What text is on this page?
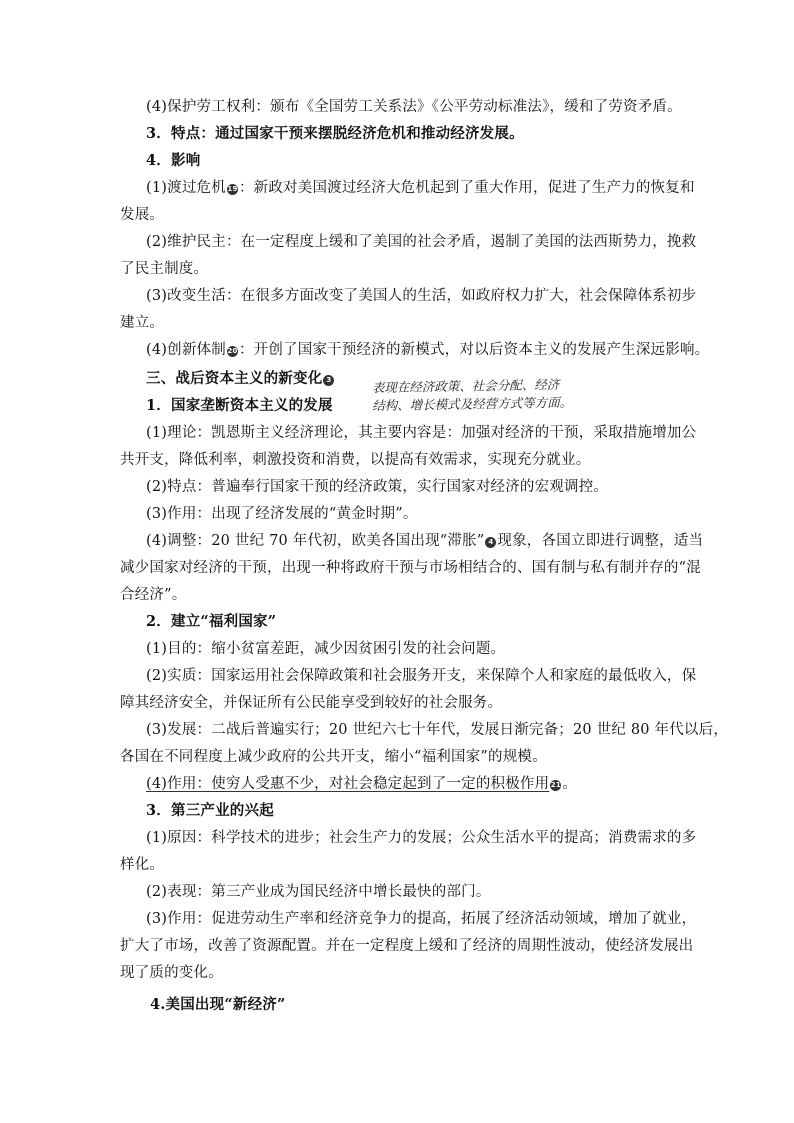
(4)保护劳工权利：颁布《全国劳工关系法》《公平劳动标准法》，缓和了劳资矛盾。
3．特点：通过国家干预来摆脱经济危机和推动经济发展。
4．影响
(1)渡过危机19：新政对美国渡过经济大危机起到了重大作用，促进了生产力的恢复和
发展。
(2)维护民主：在一定程度上缓和了美国的社会矛盾，遏制了美国的法西斯势力，挽救
了民主制度。
(3)改变生活：在很多方面改变了美国人的生活，如政府权力扩大，社会保障体系初步
建立。
(4)创新体制20：开创了国家干预经济的新模式，对以后资本主义的发展产生深远影响。
三、战后资本主义的新变化 3	表现在经济政策、社会分配、经济
结构、增长模式及经营方式等方面。
1．国家垄断资本主义的发展
(1)理论：凯恩斯主义经济理论，其主要内容是：加强对经济的干预，采取措施增加公
共开支，降低利率，刺激投资和消费，以提高有效需求，实现充分就业。
(2)特点：普遍奉行国家干预的经济政策，实行国家对经济的宏观调控。
(3)作用：出现了经济发展的“黄金时期”。
(4)调整：20 世纪 70 年代初，欧美各国出现“滞胀” 4 现象，各国立即进行调整，适当
减少国家对经济的干预，出现一种将政府干预与市场相结合的、国有制与私有制并存的“混
合经济”。
2．建立“福利国家”
(1)目的：缩小贫富差距，减少因贫困引发的社会问题。
(2)实质：国家运用社会保障政策和社会服务开支，来保障个人和家庭的最低收入，保
障其经济安全，并保证所有公民能享受到较好的社会服务。
(3)发展：二战后普遍实行；20 世纪六七十年代，发展日渐完备；20 世纪 80 年代以后，
各国在不同程度上减少政府的公共开支，缩小“福利国家”的规模。
(4)作用：使穷人受惠不少，对社会稳定起到了一定的积极作用21。
3．第三产业的兴起
(1)原因：科学技术的进步；社会生产力的发展；公众生活水平的提高；消费需求的多
样化。
(2)表现：第三产业成为国民经济中增长最快的部门。
(3)作用：促进劳动生产率和经济竞争力的提高，拓展了经济活动领域，增加了就业，
扩大了市场，改善了资源配置。并在一定程度上缓和了经济的周期性波动，使经济发展出
现了质的变化。
4.美国出现“新经济”
